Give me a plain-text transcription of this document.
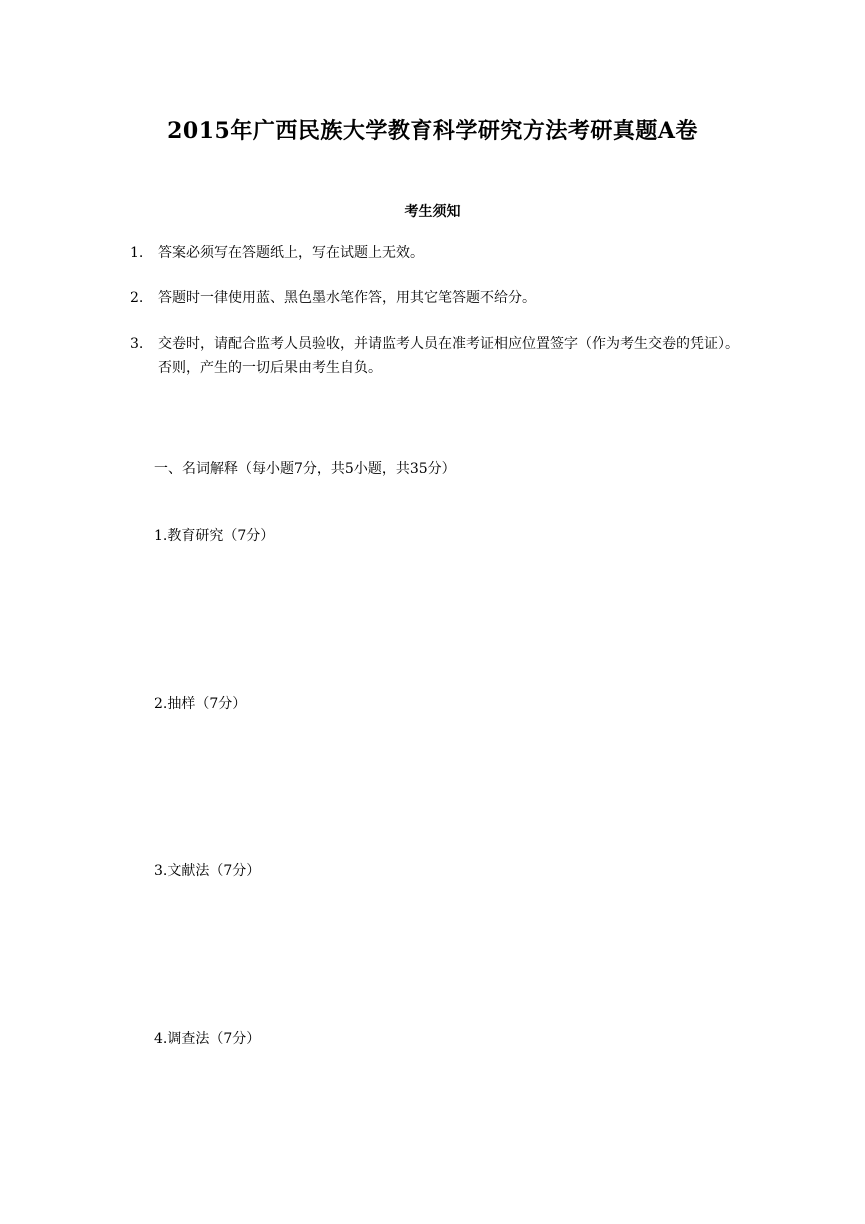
2015年广西民族大学教育科学研究方法考研真题A卷
考生须知
1. 答案必须写在答题纸上，写在试题上无效。
2. 答题时一律使用蓝、黑色墨水笔作答，用其它笔答题不给分。
3. 交卷时，请配合监考人员验收，并请监考人员在准考证相应位置签字（作为考生交卷的凭证）。否则，产生的一切后果由考生自负。
一、名词解释（每小题7分，共5小题，共35分）
1.教育研究（7分）
2.抽样（7分）
3.文献法（7分）
4.调查法（7分）
